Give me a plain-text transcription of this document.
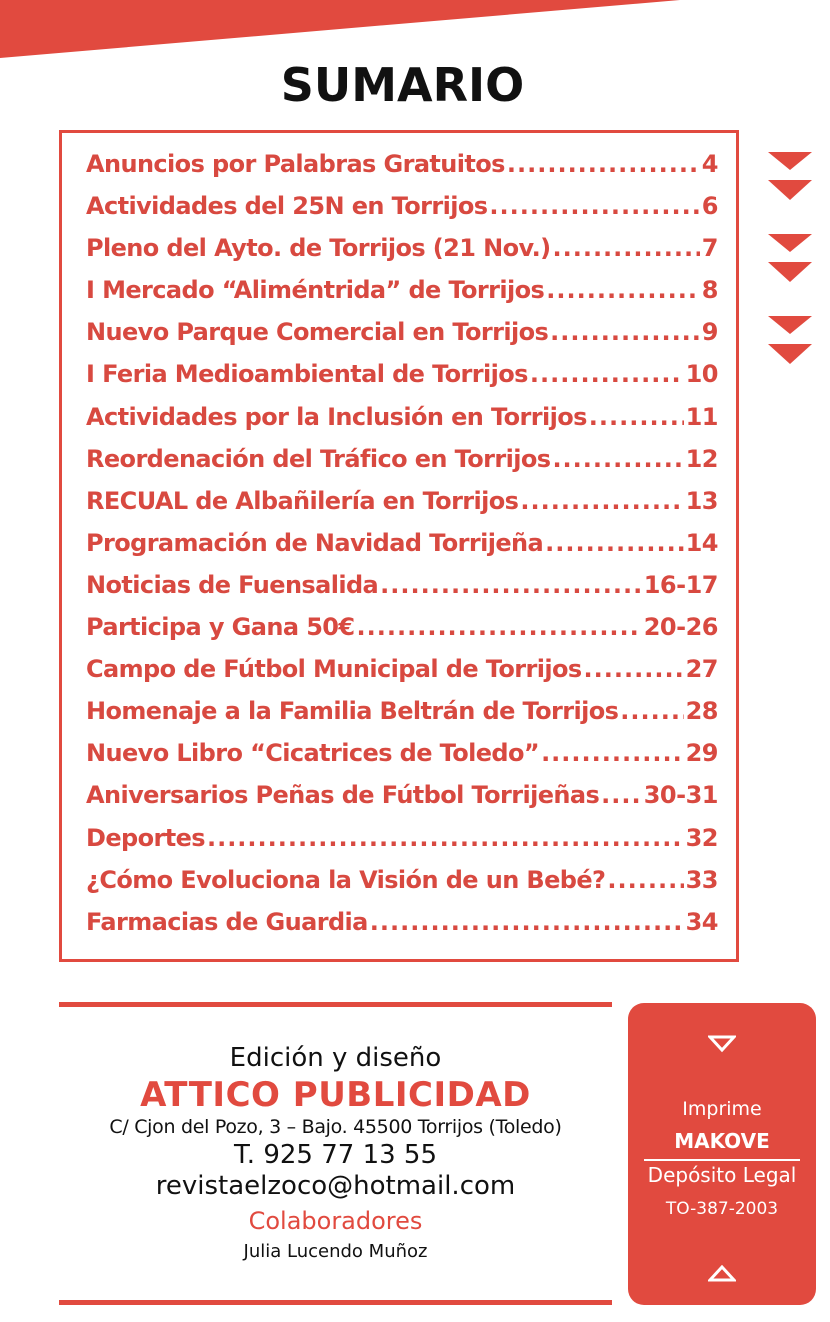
SUMARIO
Anuncios por Palabras Gratuitos .....	4
Actividades del 25N en Torrijos .....	6
Pleno del Ayto. de Torrijos (21 Nov.) .....	7
I Mercado “Aliméntrida” de Torrijos .....	8
Nuevo Parque Comercial en Torrijos .....	9
I Feria Medioambiental de Torrijos .....	10
Actividades por la Inclusión en Torrijos .....	11
Reordenación del Tráfico en Torrijos .....	12
RECUAL de Albañilería en Torrijos .....	13
Programación de Navidad Torrijeña .....	14
Noticias de Fuensalida .....	16-17
Participa y Gana 50€ .....	20-26
Campo de Fútbol Municipal de Torrijos .....	27
Homenaje a la Familia Beltrán de Torrijos .....	28
Nuevo Libro “Cicatrices de Toledo” .....	29
Aniversarios Peñas de Fútbol Torrijeñas ..... 30-31
Deportes .....	32
¿Cómo Evoluciona la Visión de un Bebé? .....	33
Farmacias de Guardia .....	34
Edición y diseño
ATTICO PUBLICIDAD
C/ Cjon del Pozo, 3 – Bajo. 45500 Torrijos (Toledo)
T. 925 77 13 55
revistaelzoco@hotmail.com
Colaboradores
Julia Lucendo Muñoz
Imprime
MAKOVE
Depósito Legal
TO-387-2003
